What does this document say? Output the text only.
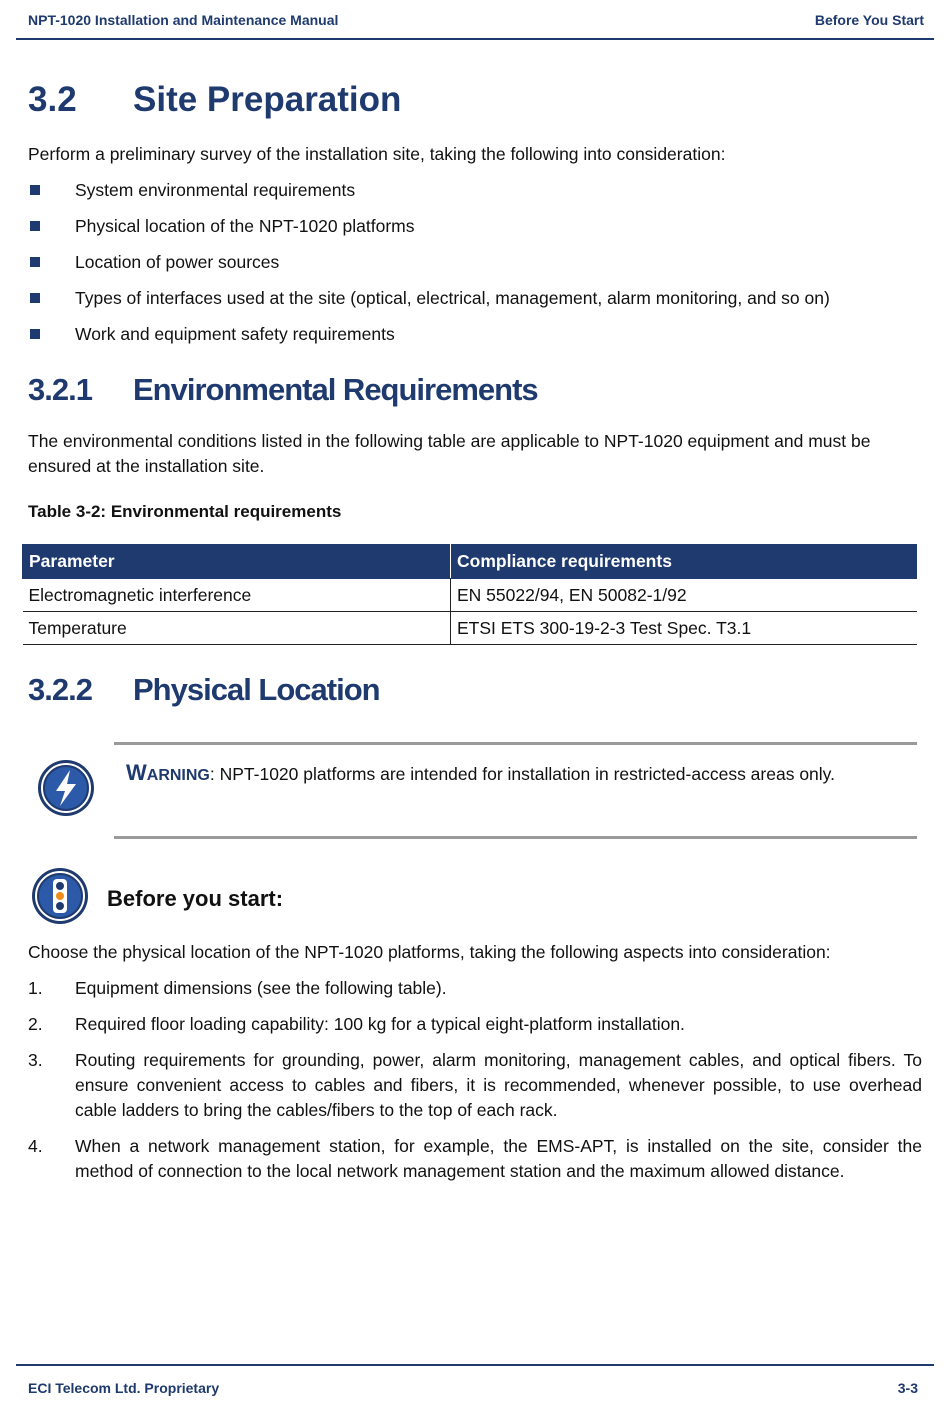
NPT-1020 Installation and Maintenance Manual	Before You Start
3.2 Site Preparation
Perform a preliminary survey of the installation site, taking the following into consideration:
System environmental requirements
Physical location of the NPT-1020 platforms
Location of power sources
Types of interfaces used at the site (optical, electrical, management, alarm monitoring, and so on)
Work and equipment safety requirements
3.2.1 Environmental Requirements
The environmental conditions listed in the following table are applicable to NPT-1020 equipment and must be ensured at the installation site.
Table 3-2: Environmental requirements
Parameter	Compliance requirements
Electromagnetic interference	EN 55022/94, EN 50082-1/92
Temperature	ETSI ETS 300-19-2-3 Test Spec. T3.1
3.2.2 Physical Location
WARNING: NPT-1020 platforms are intended for installation in restricted-access areas only.
Before you start:
Choose the physical location of the NPT-1020 platforms, taking the following aspects into consideration:
1. Equipment dimensions (see the following table).
2. Required floor loading capability: 100 kg for a typical eight-platform installation.
3. Routing requirements for grounding, power, alarm monitoring, management cables, and optical fibers. To ensure convenient access to cables and fibers, it is recommended, whenever possible, to use overhead cable ladders to bring the cables/fibers to the top of each rack.
4. When a network management station, for example, the EMS-APT, is installed on the site, consider the method of connection to the local network management station and the maximum allowed distance.
ECI Telecom Ltd. Proprietary	3-3
